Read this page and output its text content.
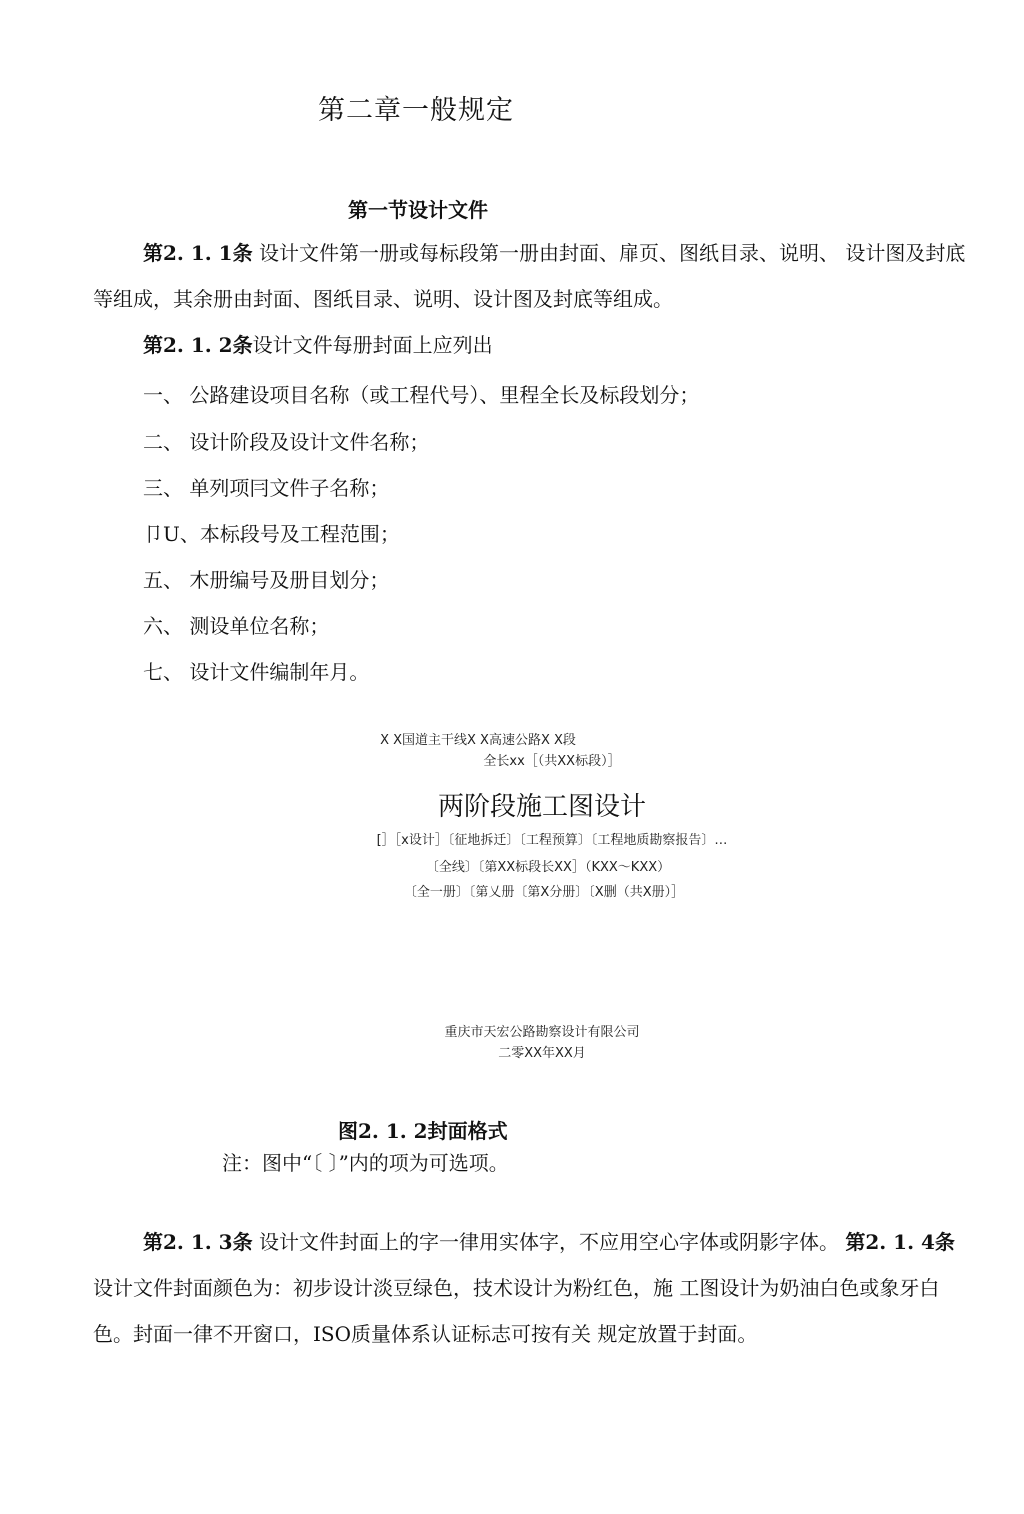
第二章一般规定
第一节设计文件
第2. 1. 1条 设计文件第一册或每标段第一册由封面、扉页、图纸目录、说明、 设计图及封底等组成，其余册由封面、图纸目录、说明、设计图及封底等组成。
第2. 1. 2条设计文件每册封面上应列出
一、 公路建设项目名称（或工程代号）、里程全长及标段划分；
二、 设计阶段及设计文件名称；
三、 单列项冃文件子名称；
卩U、本标段号及工程范围；
五、 木册编号及册目划分；
六、 测设单位名称；
七、 设计文件编制年月。
X X国道主干线X X高速公路X X段
全长xx［（共XX标段）］
两阶段施工图设计
[］［x设计］〔征地拆迁〕〔工程预算〕〔工程地质勘察报告〕…
〔全线〕〔第XX标段长XX］（KXX〜KXX）
〔全一册〕〔第乂册〔第X分册〕〔X删（共X册）］
重庆市天宏公路勘察设计有限公司
二零XX年XX月
图2. 1. 2封面格式
注：图中“〔 〕”内的项为可选项。
第2. 1. 3条 设计文件封面上的字一律用实体字，不应用空心字体或阴影字体。 第2. 1. 4条设计文件封面颜色为：初步设计淡豆绿色，技术设计为粉红色，施 工图设计为奶油白色或象牙白色。封面一律不开窗口，ISO质量体系认证标志可按有关 规定放置于封面。
